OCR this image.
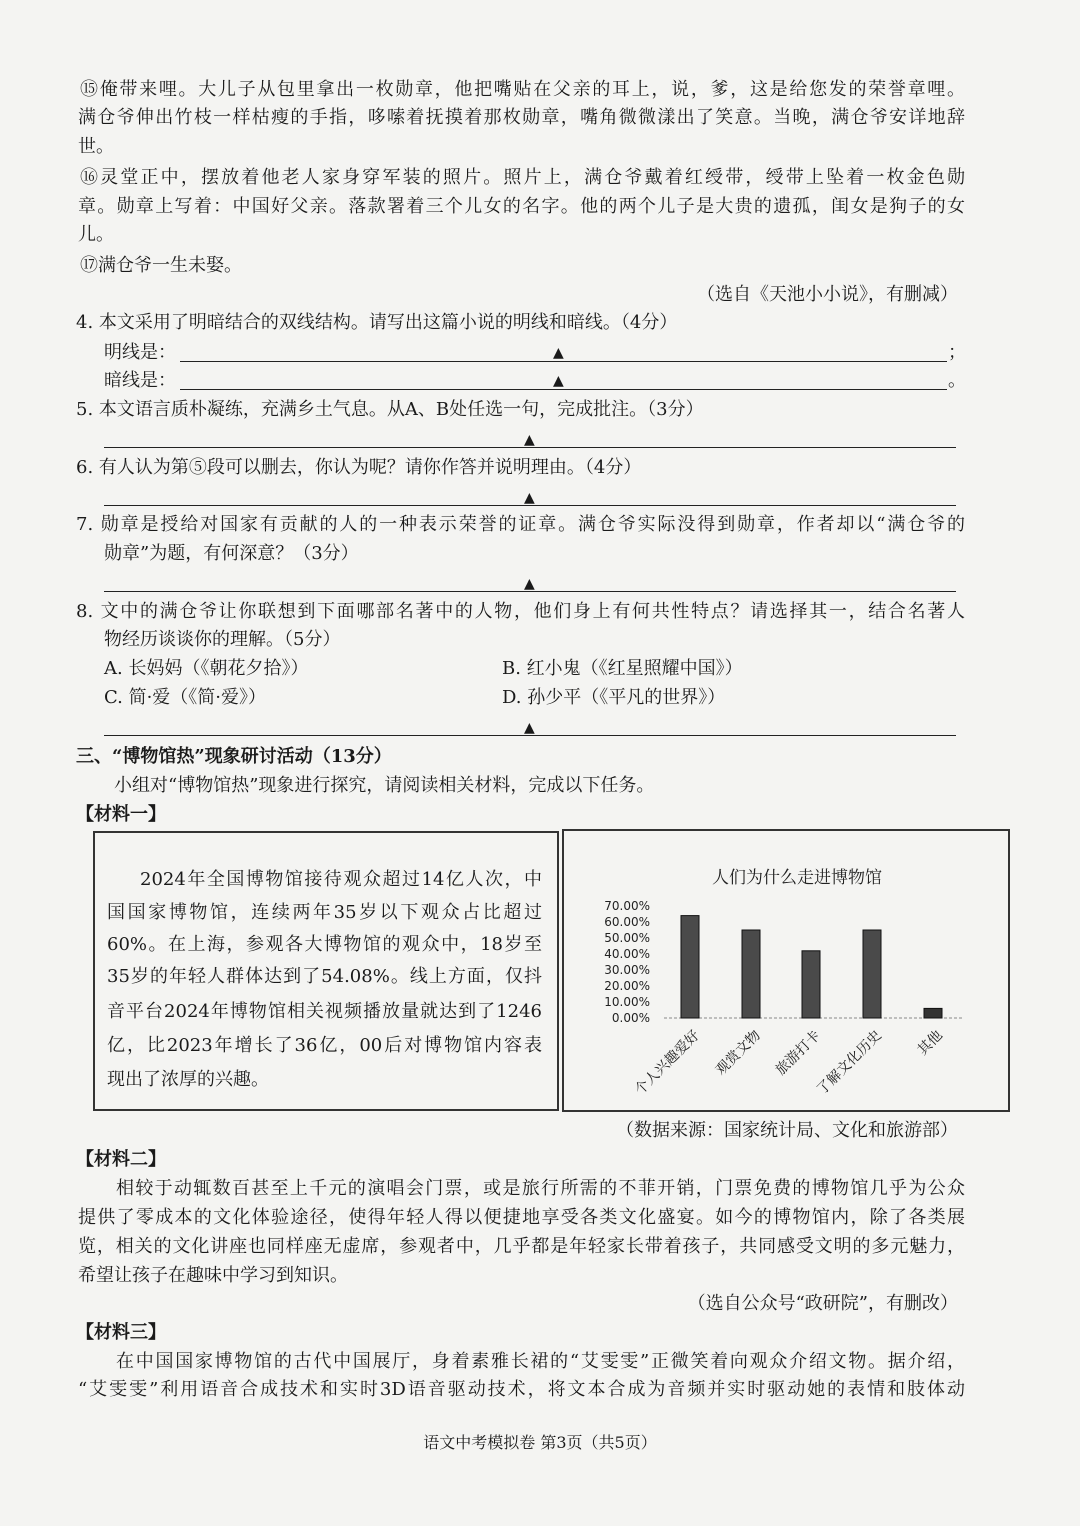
⑮俺带来哩。大儿子从包里拿出一枚勋章，他把嘴贴在父亲的耳上，说，爹，这是给您发的荣誉章哩。
满仓爷伸出竹枝一样枯瘦的手指，哆嗦着抚摸着那枚勋章，嘴角微微漾出了笑意。当晚，满仓爷安详地辞
世。
⑯灵堂正中，摆放着他老人家身穿军装的照片。照片上，满仓爷戴着红绶带，绶带上坠着一枚金色勋
章。勋章上写着：中国好父亲。落款署着三个儿女的名字。他的两个儿子是大贵的遗孤，闺女是狗子的女
儿。
⑰满仓爷一生未娶。
（选自《天池小小说》，有删减）
4. 本文采用了明暗结合的双线结构。请写出这篇小说的明线和暗线。（4分）
明线是：	▲	；
暗线是：	▲	。
5. 本文语言质朴凝练，充满乡土气息。从A、B处任选一句，完成批注。（3分）
▲
6. 有人认为第⑤段可以删去，你认为呢？请你作答并说明理由。（4分）
▲
7. 勋章是授给对国家有贡献的人的一种表示荣誉的证章。满仓爷实际没得到勋章，作者却以“满仓爷的
勋章”为题，有何深意？（3分）
▲
8. 文中的满仓爷让你联想到下面哪部名著中的人物，他们身上有何共性特点？请选择其一，结合名著人
物经历谈谈你的理解。（5分）
A. 长妈妈（《朝花夕拾》）	B. 红小鬼（《红星照耀中国》）
C. 简·爱（《简·爱》）	D. 孙少平（《平凡的世界》）
▲
三、“博物馆热”现象研讨活动（13分）
小组对“博物馆热”现象进行探究，请阅读相关材料，完成以下任务。
【材料一】
2024年全国博物馆接待观众超过14亿人次，中
国国家博物馆，连续两年35岁以下观众占比超过
60%。在上海，参观各大博物馆的观众中，18岁至
35岁的年轻人群体达到了54.08%。线上方面，仅抖
音平台2024年博物馆相关视频播放量就达到了1246
亿，比2023年增长了36亿，00后对博物馆内容表
现出了浓厚的兴趣。
人们为什么走进博物馆
0.00%
10.00%
20.00%
30.00%
40.00%
50.00%
60.00%
70.00%
个人兴趣爱好 观赏文物 旅游打卡
了解文化历史 其他
（数据来源：国家统计局、文化和旅游部）
【材料二】
相较于动辄数百甚至上千元的演唱会门票，或是旅行所需的不菲开销，门票免费的博物馆几乎为公众
提供了零成本的文化体验途径，使得年轻人得以便捷地享受各类文化盛宴。如今的博物馆内，除了各类展
览，相关的文化讲座也同样座无虚席，参观者中，几乎都是年轻家长带着孩子，共同感受文明的多元魅力，
希望让孩子在趣味中学习到知识。
（选自公众号“政研院”，有删改）
【材料三】
在中国国家博物馆的古代中国展厅，身着素雅长裙的“艾雯雯”正微笑着向观众介绍文物。据介绍，
“艾雯雯”利用语音合成技术和实时3D语音驱动技术，将文本合成为音频并实时驱动她的表情和肢体动
语文中考模拟卷 第3页（共5页）
